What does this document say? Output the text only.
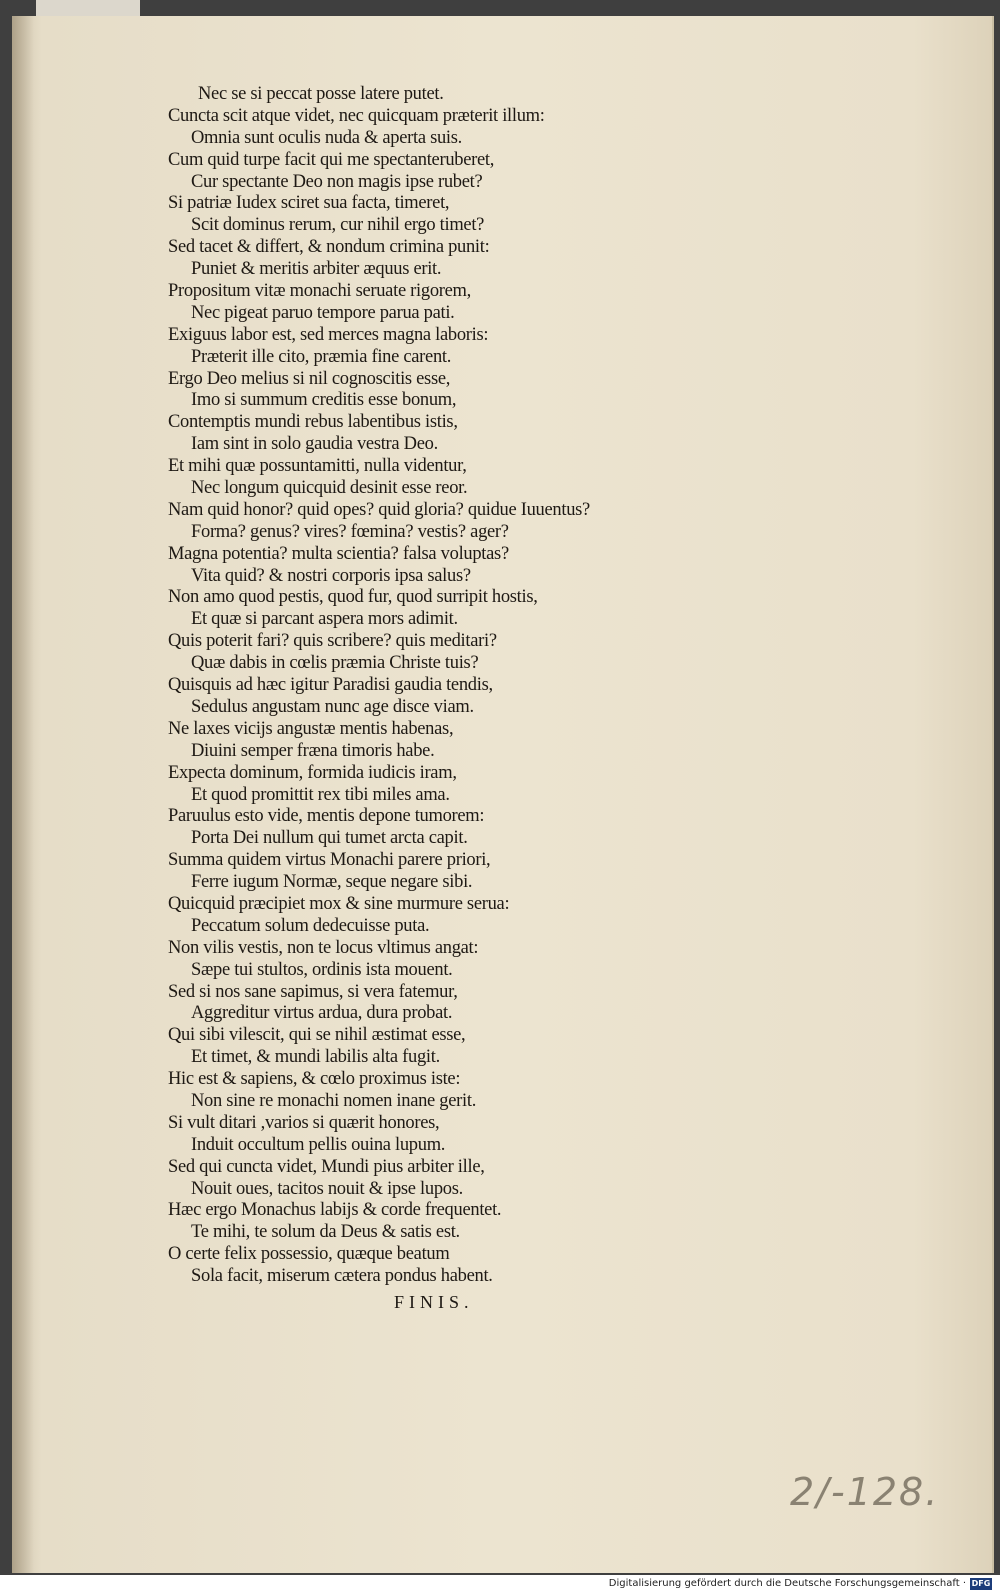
Nec se si peccat posse latere putet.
Cuncta scit atque videt, nec quicquam præterit illum:
Omnia sunt oculis nuda & aperta suis.
Cum quid turpe facit qui me spectanteruberet,
Cur spectante Deo non magis ipse rubet?
Si patriæ Iudex sciret sua facta, timeret,
Scit dominus rerum, cur nihil ergo timet?
Sed tacet & differt, & nondum crimina punit:
Puniet & meritis arbiter æquus erit.
Propositum vitæ monachi seruate rigorem,
Nec pigeat paruo tempore parua pati.
Exiguus labor est, sed merces magna laboris:
Præterit ille cito, præmia fine carent.
Ergo Deo melius si nil cognoscitis esse,
Imo si summum creditis esse bonum,
Contemptis mundi rebus labentibus istis,
Iam sint in solo gaudia vestra Deo.
Et mihi quæ possuntamitti, nulla videntur,
Nec longum quicquid desinit esse reor.
Nam quid honor? quid opes? quid gloria? quidue Iuuentus?
Forma? genus? vires? fœmina? vestis? ager?
Magna potentia? multa scientia? falsa voluptas?
Vita quid? & nostri corporis ipsa salus?
Non amo quod pestis, quod fur, quod surripit hostis,
Et quæ si parcant aspera mors adimit.
Quis poterit fari? quis scribere? quis meditari?
Quæ dabis in cœlis præmia Christe tuis?
Quisquis ad hæc igitur Paradisi gaudia tendis,
Sedulus angustam nunc age disce viam.
Ne laxes vicijs angustæ mentis habenas,
Diuini semper fræna timoris habe.
Expecta dominum, formida iudicis iram,
Et quod promittit rex tibi miles ama.
Paruulus esto vide, mentis depone tumorem:
Porta Dei nullum qui tumet arcta capit.
Summa quidem virtus Monachi parere priori,
Ferre iugum Normæ, seque negare sibi.
Quicquid præcipiet mox & sine murmure serua:
Peccatum solum dedecuisse puta.
Non vilis vestis, non te locus vltimus angat:
Sæpe tui stultos, ordinis ista mouent.
Sed si nos sane sapimus, si vera fatemur,
Aggreditur virtus ardua, dura probat.
Qui sibi vilescit, qui se nihil æstimat esse,
Et timet, & mundi labilis alta fugit.
Hic est & sapiens, & cœlo proximus iste:
Non sine re monachi nomen inane gerit.
Si vult ditari ,varios si quærit honores,
Induit occultum pellis ouina lupum.
Sed qui cuncta videt, Mundi pius arbiter ille,
Nouit oues, tacitos nouit & ipse lupos.
Hæc ergo Monachus labijs & corde frequentet.
Te mihi, te solum da Deus & satis est.
O certe felix possessio, quæque beatum
Sola facit, miserum cætera pondus habent.
FINIS.
2/-128.
Digitalisierung gefördert durch die Deutsche Forschungsgemeinschaft · DFG
